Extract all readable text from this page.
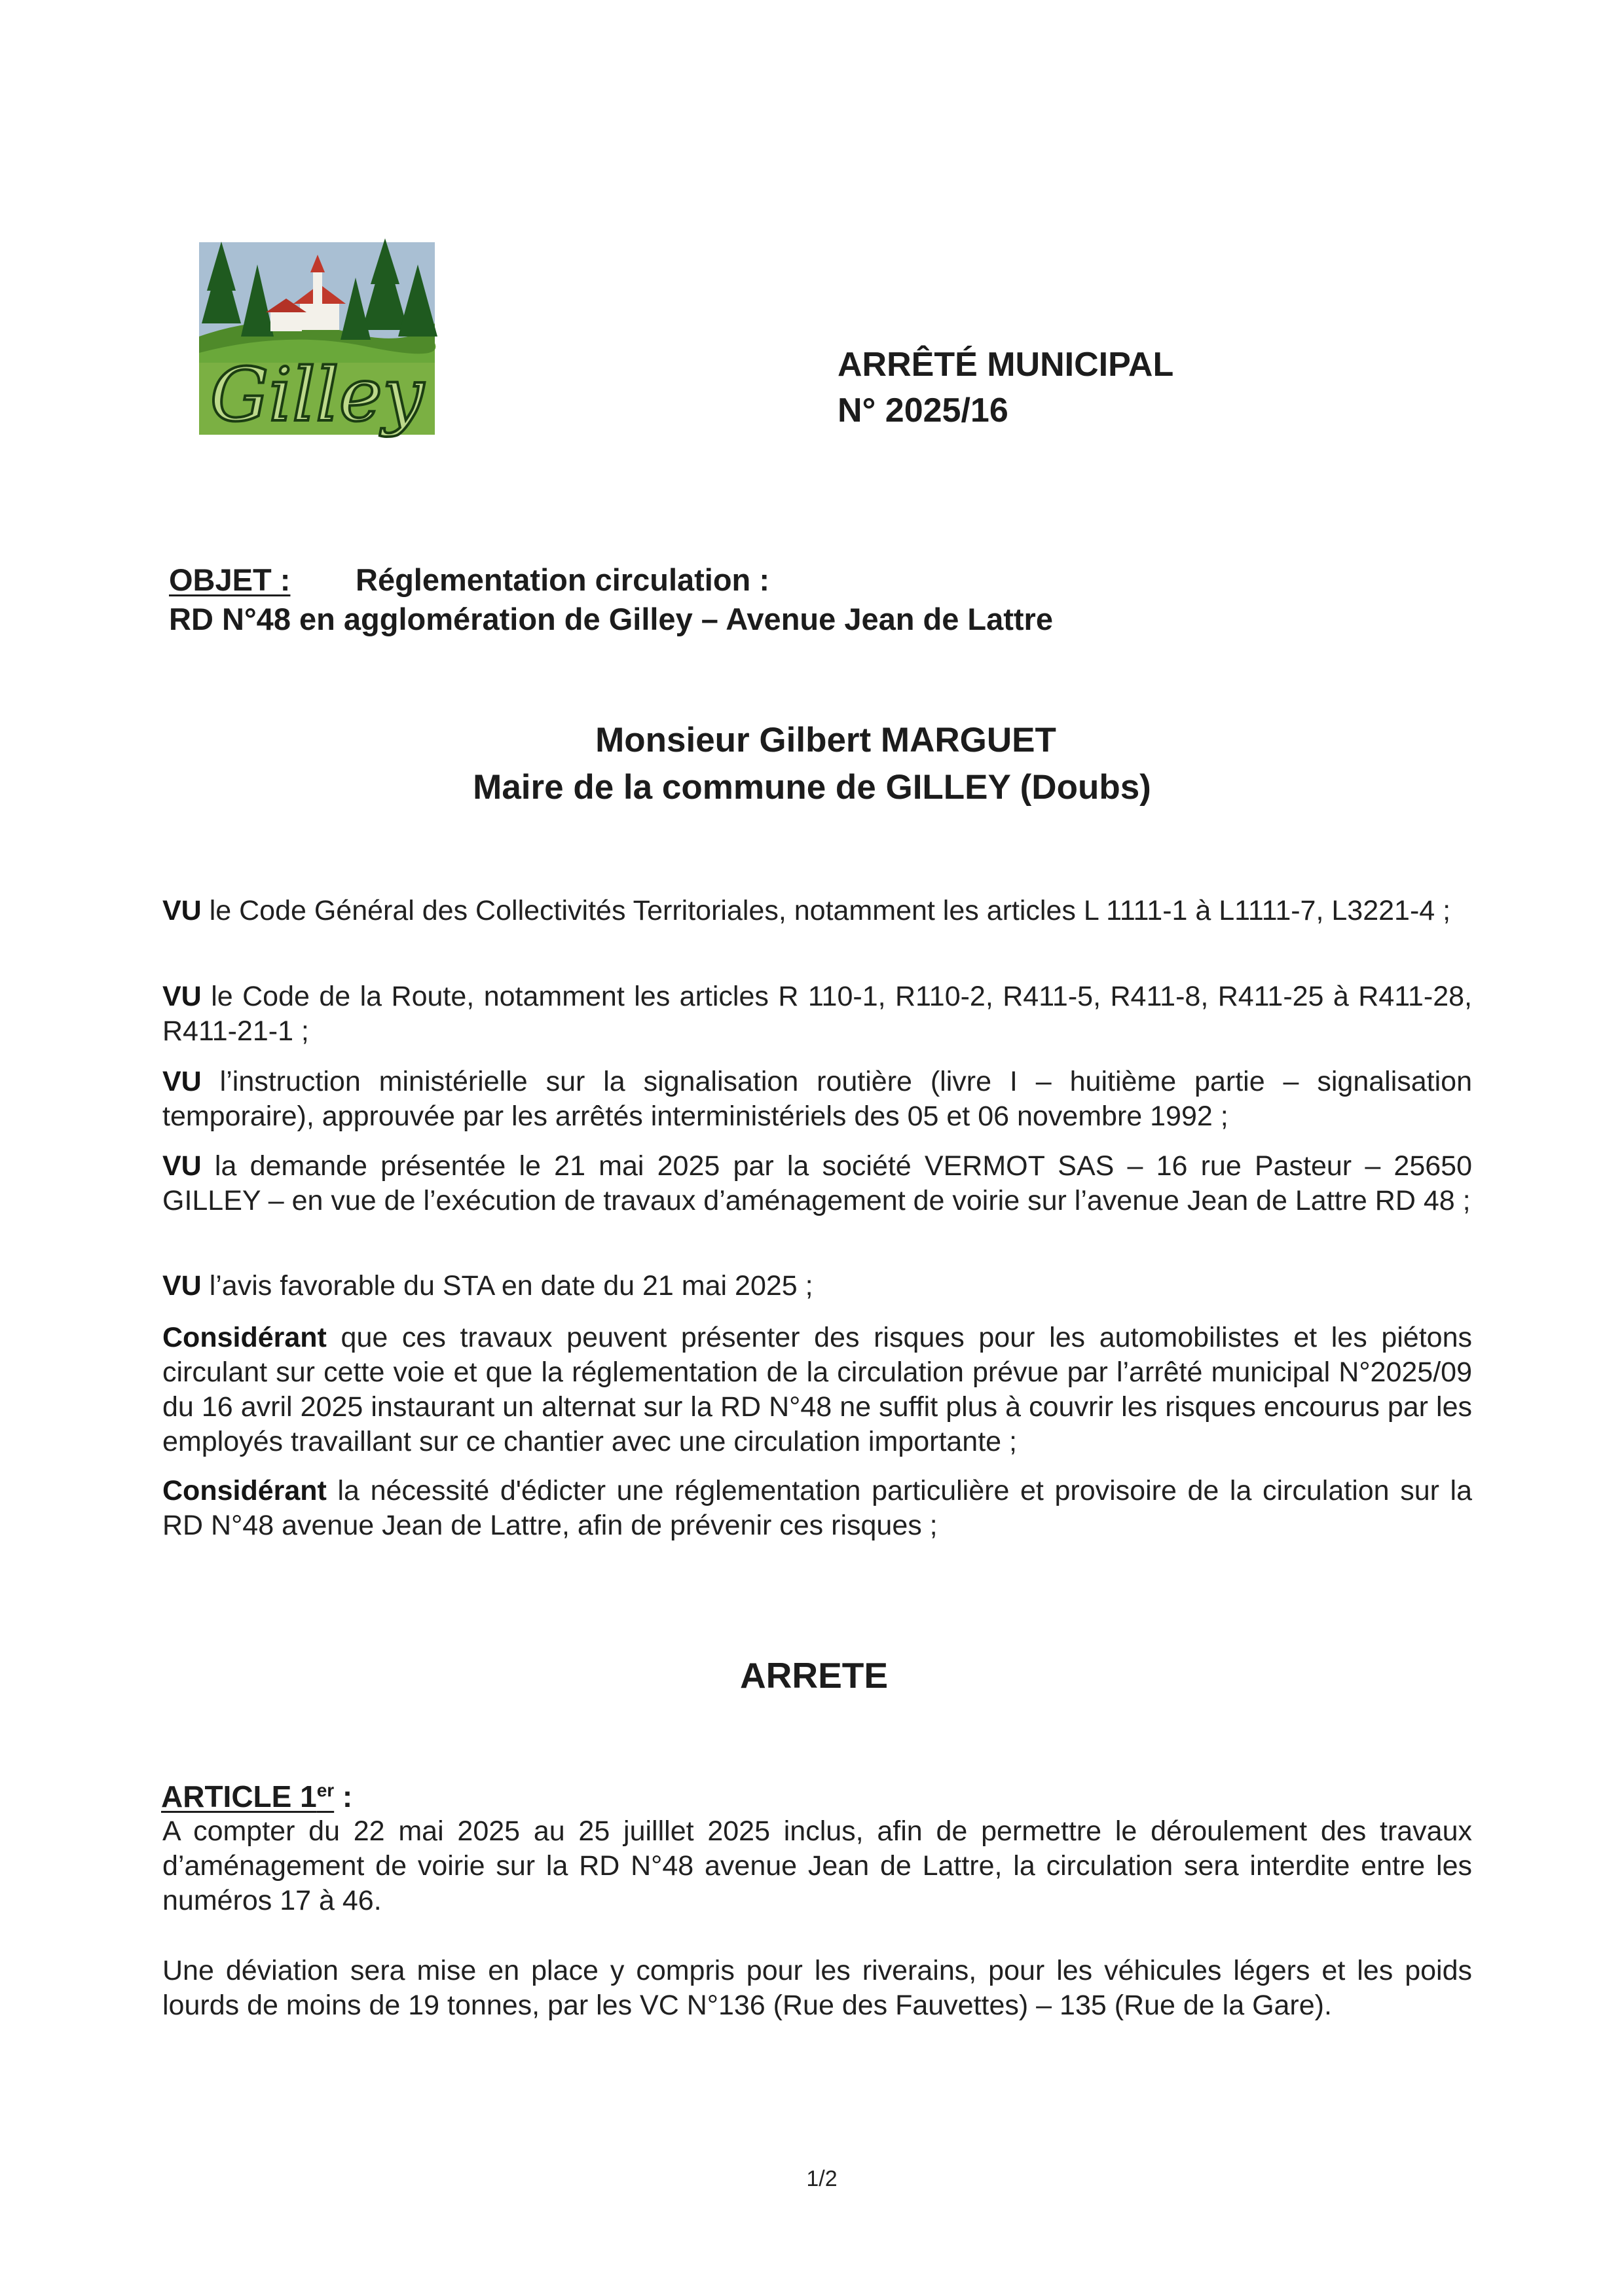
Gilley	ARRÊTÉ MUNICIPAL
N° 2025/16
OBJET : Réglementation circulation :
RD N°48 en agglomération de Gilley – Avenue Jean de Lattre
Monsieur Gilbert MARGUET
Maire de la commune de GILLEY (Doubs)
VU le Code Général des Collectivités Territoriales, notamment les articles L 1111-1 à L1111-7, L3221-4 ;
VU le Code de la Route, notamment les articles R 110-1, R110-2, R411-5, R411-8, R411-25 à R411-28, R411-21-1 ;
VU l’instruction ministérielle sur la signalisation routière (livre I – huitième partie – signalisation temporaire), approuvée par les arrêtés interministériels des 05 et 06 novembre 1992 ;
VU la demande présentée le 21 mai 2025 par la société VERMOT SAS – 16 rue Pasteur – 25650 GILLEY – en vue de l’exécution de travaux d’aménagement de voirie sur l’avenue Jean de Lattre RD 48 ;
VU l’avis favorable du STA en date du 21 mai 2025 ;
Considérant que ces travaux peuvent présenter des risques pour les automobilistes et les piétons circulant sur cette voie et que la réglementation de la circulation prévue par l’arrêté municipal N°2025/09 du 16 avril 2025 instaurant un alternat sur la RD N°48 ne suffit plus à couvrir les risques encourus par les employés travaillant sur ce chantier avec une circulation importante ;
Considérant la nécessité d'édicter une réglementation particulière et provisoire de la circulation sur la RD N°48 avenue Jean de Lattre, afin de prévenir ces risques ;
ARRETE
ARTICLE 1er :
A compter du 22 mai 2025 au 25 juilllet 2025 inclus, afin de permettre le déroulement des travaux d’aménagement de voirie sur la RD N°48 avenue Jean de Lattre, la circulation sera interdite entre les numéros 17 à 46.
Une déviation sera mise en place y compris pour les riverains, pour les véhicules légers et les poids lourds de moins de 19 tonnes, par les VC N°136 (Rue des Fauvettes) – 135 (Rue de la Gare).
1/2
